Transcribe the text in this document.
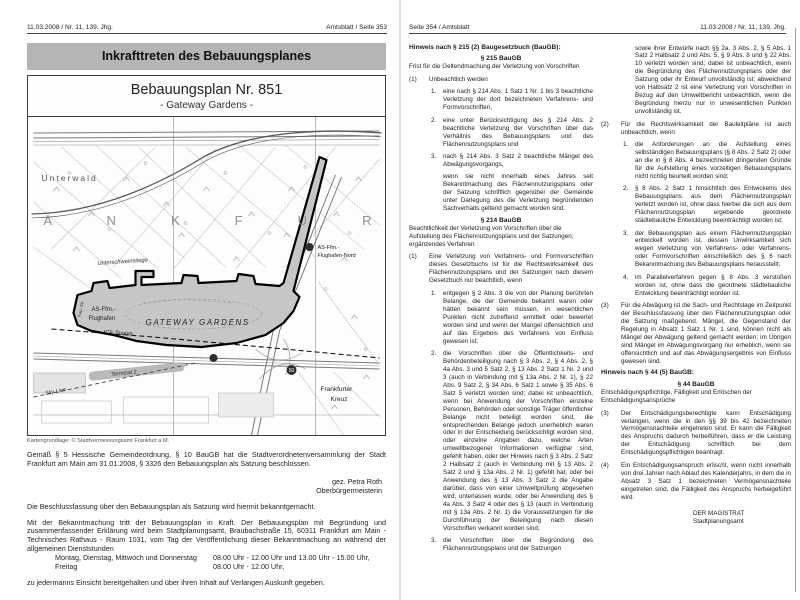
11.03.2008 / Nr. 11, 139. Jhg.	Amtsblatt / Seite 353
Inkrafttreten des Bebauungsplanes
Bebauungsplan Nr. 851
- Gateway Gardens -
50
Unterwald
A N K F U R
Unterschweinstiege
AS-Ffm.-
Flughafen-Nord
AS-Ffm.-
Flughafen	GATEWAY GARDENS
ICE-Trasse
Kap.-Str.
Terminal 2
Sky Line	Frankfurter
Kreuz
Kartengrundlage: © Stadtvermessungsamt Frankfurt a.M.
Gemäß § 5 Hessische Gemeindeordnung, § 10 BauGB hat die Stadtverordnetenversammlung der Stadt Frankfurt am Main am 31.01.2008, § 3326 den Bebauungsplan als Satzung beschlossen.
gez. Petra Roth
Oberbürgermeisterin
Die Beschlussfassung über den Bebauungsplan als Satzung wird hiermit bekanntgemacht.
Mit der Bekanntmachung tritt der Bebauungsplan in Kraft. Der Bebauungsplan mit Begründung und zusammenfassender Erklärung wird beim Stadtplanungsamt, Braubachstraße 15, 60311 Frankfurt am Main - Technisches Rathaus - Raum 1031, vom Tag der Veröffentlichung dieser Bekanntmachung an während der allgemeinen Dienststunden
Montag, Dienstag, Mittwoch und Donnerstag	08.00 Uhr - 12.00 Uhr und 13.00 Uhr - 15.00 Uhr,
Freitag	08.00 Uhr - 12.00 Uhr,
zu jedermanns Einsicht bereitgehalten und über ihren Inhalt auf Verlangen Auskunft gegeben.
Seite 354 / Amtsblatt	11.03.2008 / Nr. 11, 139. Jhg.
Hinweis nach § 215 (2) Baugesetzbuch (BauGB):
§ 215 BauGB
Frist für die Geltendmachung der Verletzung von Vorschriften
(1)	Unbeachtlich werden
1.	eine nach § 214 Abs. 1 Satz 1 Nr. 1 bis 3 beachtliche Verletzung der dort bezeichneten Verfahrens- und Formvorschriften,
2.	eine unter Berücksichtigung des § 214 Abs. 2 beachtliche Verletzung der Vorschriften über das Verhältnis des Bebauungsplans und des Flächennutzungsplans und
3.	nach § 214 Abs. 3 Satz 2 beachtliche Mängel des Abwägungsvorgangs,
wenn sie nicht innerhalb eines Jahres seit Bekanntmachung des Flächennutzungsplans oder der Satzung schriftlich gegenüber der Gemeinde unter Darlegung des die Verletzung begründenden Sachverhalts geltend gemacht worden sind.
§ 214 BauGB
Beachtlichkeit der Verletzung von Vorschriften über die Aufstellung des Flächennutzungsplans und der Satzungen; ergänzendes Verfahren
(1)	Eine Verletzung von Verfahrens- und Formvorschriften dieses Gesetzbuchs ist für die Rechtswirksamkeit des Flächennutzungsplans und der Satzungen nach diesem Gesetzbuch nur beachtlich, wenn
1.	entgegen § 2 Abs. 3 die von der Planung berührten Belange, die der Gemeinde bekannt waren oder hätten bekannt sein müssen, in wesentlichen Punkten nicht zutreffend ermittelt oder bewertet worden sind und wenn der Mangel offensichtlich und auf das Ergebnis des Verfahrens von Einfluss gewesen ist;
2.	die Vorschriften über die Öffentlichkeits- und Behördenbeteiligung nach § 3 Abs. 2, § 4 Abs. 2, § 4a Abs. 3 und 5 Satz 2, § 13 Abs. 2 Satz 1 Nr. 2 und 3 (auch in Verbindung mit § 13a Abs. 2 Nr. 1), § 22 Abs. 9 Satz 2, § 34 Abs. 6 Satz 1 sowie § 35 Abs. 6 Satz 5 verletzt worden sind; dabei ist unbeachtlich, wenn bei Anwendung der Vorschriften einzelne Personen, Behörden oder sonstige Träger öffentlicher Belange nicht beteiligt worden sind, die entsprechenden Belange jedoch unerheblich waren oder in der Entscheidung berücksichtigt worden sind, oder einzelne Angaben dazu, welche Arten umweltbezogener Informationen verfügbar sind, gefehlt haben, oder der Hinweis nach § 3 Abs. 2 Satz 2 Halbsatz 2 (auch in Verbindung mit § 13 Abs. 2 Satz 2 und § 13a Abs. 2 Nr. 1) gefehlt hat, oder bei Anwendung des § 13 Abs. 3 Satz 2 die Angabe darüber, dass von einer Umweltprüfung abgesehen wird, unterlassen wurde, oder bei Anwendung des § 4a Abs. 3 Satz 4 oder des § 13 (auch in Verbindung mit § 13a Abs. 2 Nr. 1) die Voraussetzungen für die Durchführung der Beteiligung nach diesen Vorschriften verkannt worden sind;
3.	die Vorschriften über die Begründung des Flächennutzungsplans und der Satzungen
sowie ihrer Entwürfe nach §§ 2a, 3 Abs. 2, § 5 Abs. 1 Satz 2 Halbsatz 2 und Abs. 5, § 9 Abs. 8 und § 22 Abs. 10 verletzt worden sind; dabei ist unbeachtlich, wenn die Begründung des Flächennutzungsplans oder der Satzung oder ihr Entwurf unvollständig ist; abweichend von Halbsatz 2 ist eine Verletzung von Vorschriften in Bezug auf den Umweltbericht unbeachtlich, wenn die Begründung hierzu nur in unwesentlichen Punkten unvollständig ist.
(2)	Für die Rechtswirksamkeit der Bauleitpläne ist auch unbeachtlich, wenn
1.	die Anforderungen an die Aufstellung eines selbständigen Bebauungsplans (§ 8 Abs. 2 Satz 2) oder an die in § 8 Abs. 4 bezeichneten dringenden Gründe für die Aufstellung eines vorzeitigen Bebauungsplans nicht richtig beurteilt worden sind;
2.	§ 8 Abs. 2 Satz 1 hinsichtlich des Entwickelns des Bebauungsplans aus dem Flächennutzungsplan verletzt worden ist, ohne dass hierbei die sich aus dem Flächennutzungsplan ergebende geordnete städtebauliche Entwicklung beeinträchtigt worden ist;
3.	der Bebauungsplan aus einem Flächennutzungsplan entwickelt worden ist, dessen Unwirksamkeit sich wegen Verletzung von Verfahrens- oder Verfahrens- oder Formvorschriften einschließlich des § 6 nach Bekanntmachung des Bebauungsplans herausstellt;
4.	im Parallelverfahren gegen § 8 Abs. 3 verstoßen worden ist, ohne dass die geordnete städtebauliche Entwicklung beeinträchtigt worden ist.
(3)	Für die Abwägung ist die Sach- und Rechtslage im Zeitpunkt der Beschlussfassung über den Flächennutzungsplan oder die Satzung maßgebend. Mängel, die Gegenstand der Regelung in Absatz 1 Satz 1 Nr. 1 sind, können nicht als Mängel der Abwägung geltend gemacht werden; im Übrigen sind Mängel im Abwägungsvorgang nur erheblich, wenn sie offensichtlich und auf das Abwägungsergebnis von Einfluss gewesen sind.
Hinweis nach § 44 (5) BauGB:
§ 44 BauGB
Entschädigungspflichtige, Fälligkeit und Erlöschen der Entschädigungsansprüche
(3)	Der Entschädigungsberechtigte kann Entschädigung verlangen, wenn die in den §§ 39 bis 42 bezeichneten Vermögensnachteile eingetreten sind. Er kann die Fälligkeit des Anspruchs dadurch herbeiführen, dass er die Leistung der Entschädigung schriftlich bei dem Entschädigungspflichtigen beantragt.
(4)	Ein Entschädigungsanspruch erlischt, wenn nicht innerhalb von drei Jahren nach Ablauf des Kalenderjahrs, in dem die in Absatz 3 Satz 1 bezeichneten Vermögensnachteile eingetreten sind, die Fälligkeit des Anspruchs herbeigeführt wird.
DER MAGISTRAT
Stadtplanungsamt
